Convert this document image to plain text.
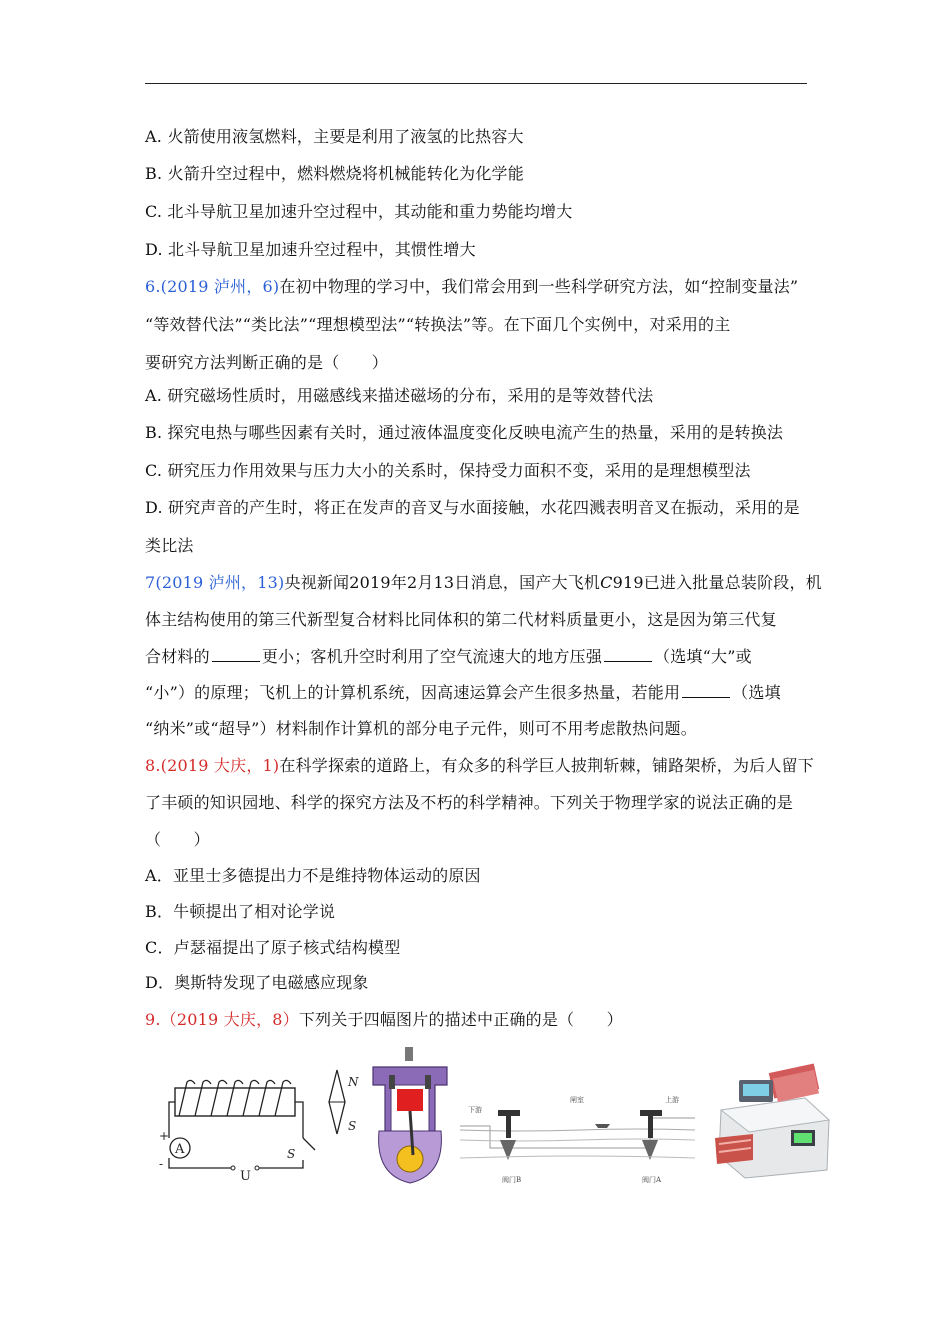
A. 火箭使用液氢燃料，主要是利用了液氢的比热容大
B. 火箭升空过程中，燃料燃烧将机械能转化为化学能
C. 北斗导航卫星加速升空过程中，其动能和重力势能均增大
D. 北斗导航卫星加速升空过程中，其惯性增大
6.(2019 泸州，6)在初中物理的学习中，我们常会用到一些科学研究方法，如“控制变量法”
“等效替代法”“类比法”“理想模型法”“转换法”等。在下面几个实例中，对采用的主
要研究方法判断正确的是（　　）
A. 研究磁场性质时，用磁感线来描述磁场的分布，采用的是等效替代法
B. 探究电热与哪些因素有关时，通过液体温度变化反映电流产生的热量，采用的是转换法
C. 研究压力作用效果与压力大小的关系时，保持受力面积不变，采用的是理想模型法
D. 研究声音的产生时，将正在发声的音叉与水面接触，水花四溅表明音叉在振动，采用的是
类比法
7(2019 泸州，13)央视新闻2019年2月13日消息，国产大飞机C919已进入批量总装阶段，机
体主结构使用的第三代新型复合材料比同体积的第二代材料质量更小，这是因为第三代复
合材料的	更小；客机升空时利用了空气流速大的地方压强	（选填“大”或
“小”）的原理；飞机上的计算机系统，因高速运算会产生很多热量，若能用	（选填
“纳米”或“超导”）材料制作计算机的部分电子元件，则可不用考虑散热问题。
8.(2019 大庆，1)在科学探索的道路上，有众多的科学巨人披荆斩棘，铺路架桥，为后人留下
了丰硕的知识园地、科学的探究方法及不朽的科学精神。下列关于物理学家的说法正确的是
（　　）
A．亚里士多德提出力不是维持物体运动的原因
B．牛顿提出了相对论学说
C．卢瑟福提出了原子核式结构模型
D．奥斯特发现了电磁感应现象
9.（2019 大庆，8）下列关于四幅图片的描述中正确的是（　　）
A
+
-
U
S
N
S
下游
闸室	上游
阀门B	阀门A
